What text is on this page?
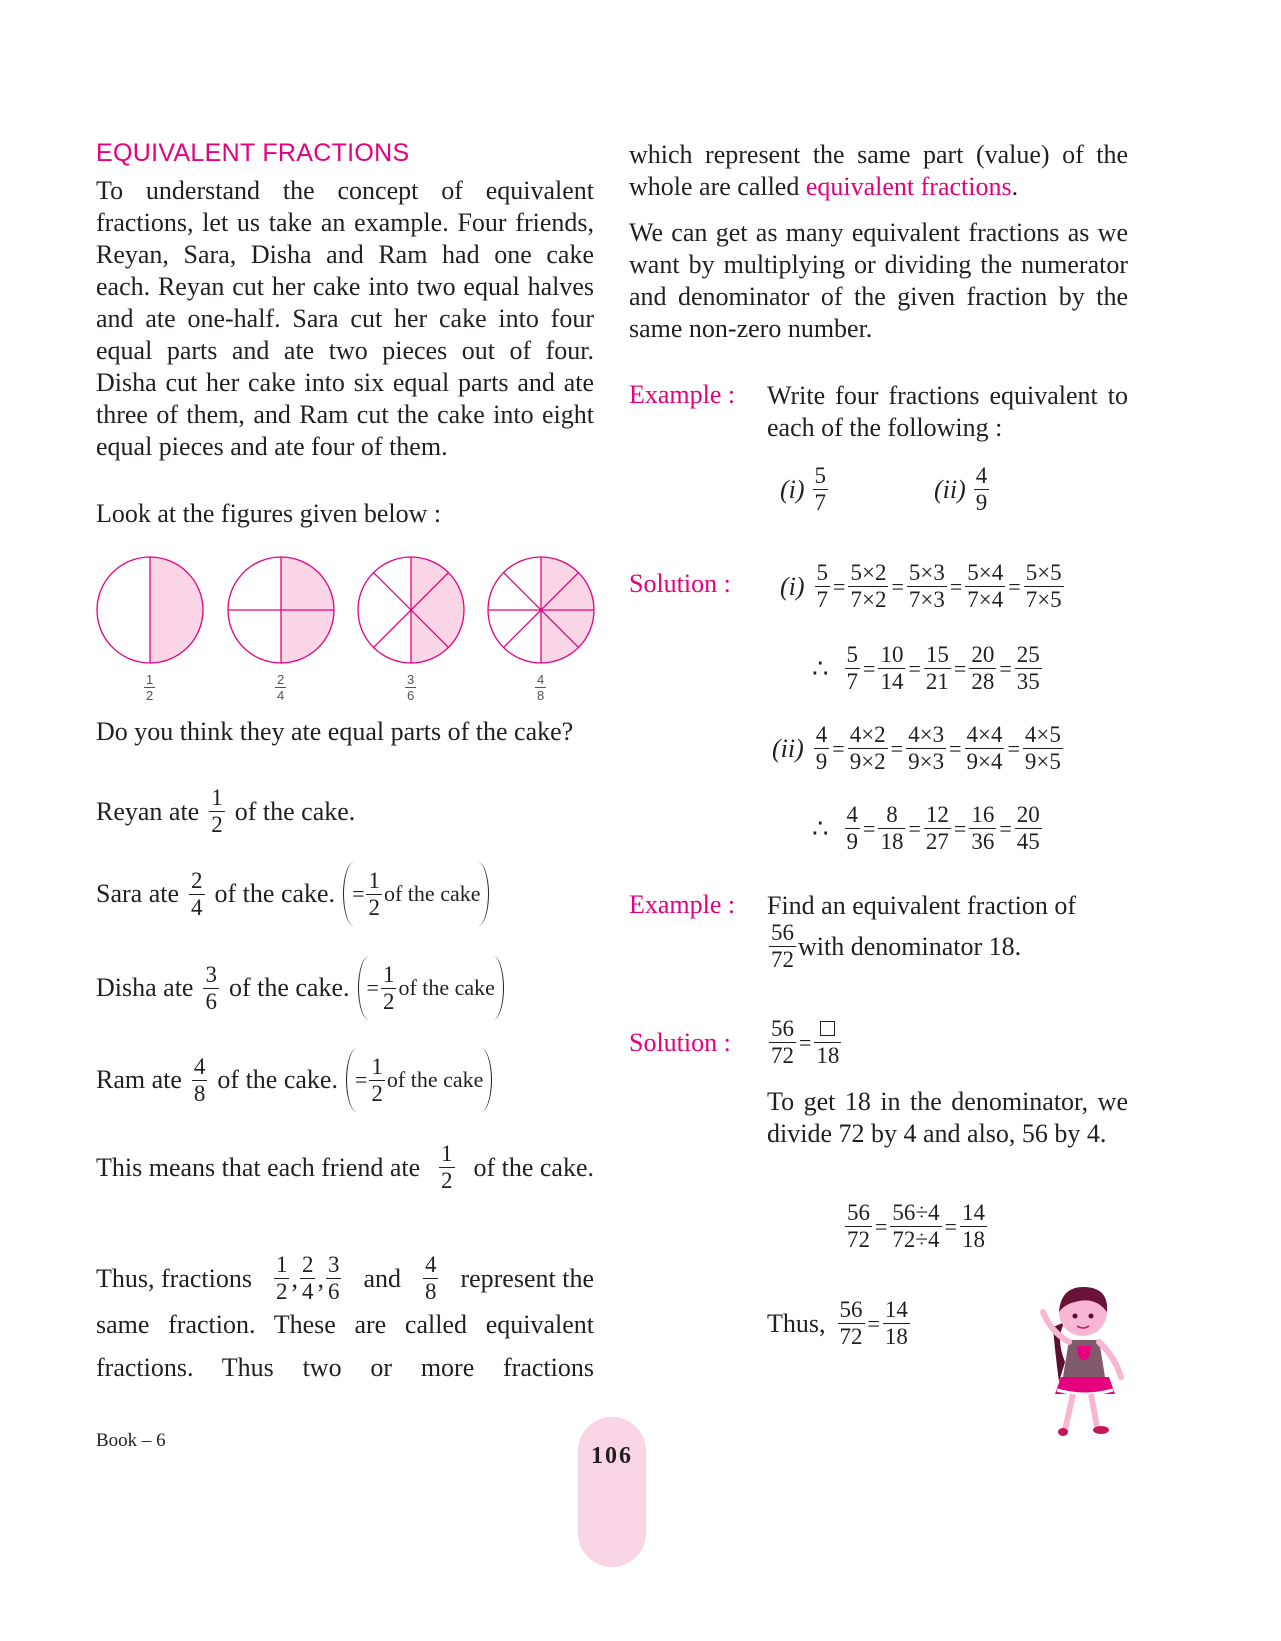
EQUIVALENT FRACTIONS
To understand the concept of equivalent fractions, let us take an example. Four friends, Reyan, Sara, Disha and Ram had one cake each. Reyan cut her cake into two equal halves and ate one-half. Sara cut her cake into four equal parts and ate two pieces out of four. Disha cut her cake into six equal parts and ate three of them, and Ram cut the cake into eight equal pieces and ate four of them.
Look at the figures given below :
$\frac{1}{2}$	$\frac{2}{4}$	$\frac{3}{6}$	$\frac{4}{8}$
Do you think they ate equal parts of the cake?
Reyan ate $\frac{1}{2}$ of the cake.
Sara ate $\frac{2}{4}$ of the cake. = $\frac{1}{2}$ of the cake
Disha ate $\frac{3}{6}$ of the cake. = $\frac{1}{2}$ of the cake
Ram ate $\frac{4}{8}$ of the cake. = $\frac{1}{2}$ of the cake
This means that each friend ate $\frac{1}{2}$ of the cake.
Thus, fractions $\frac{1}{2}$ , $\frac{2}{4}$ , $\frac{3}{6}$ and $\frac{4}{8}$ represent the
same fraction. These are called equivalent
fractions. Thus two or more fractions
Book – 6
106
which represent the same part (value) of the whole are called equivalent fractions.
We can get as many equivalent fractions as we want by multiplying or dividing the numerator and denominator of the given fraction by the same non-zero number.
Example : Write four fractions equivalent to each of the following :
$(i) \frac{5}{7}$	$(ii) \frac{4}{9}$
Solution : $(i) \frac{5}{7} = \frac{5\times 2}{7\times 2} = \frac{5\times 3}{7\times 3} = \frac{5\times 4}{7\times 4} = \frac{5\times 5}{7\times 5}$
∴ $\frac{5}{7} = \frac{10}{14} = \frac{15}{21} = \frac{20}{28} = \frac{25}{35}$
$(ii) \frac{4}{9} = \frac{4\times 2}{9\times 2} = \frac{4\times 3}{9\times 3} = \frac{4\times 4}{9\times 4} = \frac{4\times 5}{9\times 5}$
∴ $\frac{4}{9} = \frac{8}{18} = \frac{12}{27} = \frac{16}{36} = \frac{20}{45}$
Example : Find an equivalent fraction of
$\frac{56}{72}$ with denominator 18.
Solution : $\frac{56}{72}$ =
18
To get 18 in the denominator, we divide 72 by 4 and also, 56 by 4.
$\frac{56}{72} = \frac{56\div 4}{72\div 4} = \frac{14}{18}$
Thus, $\frac{56}{72} = \frac{14}{18}$
